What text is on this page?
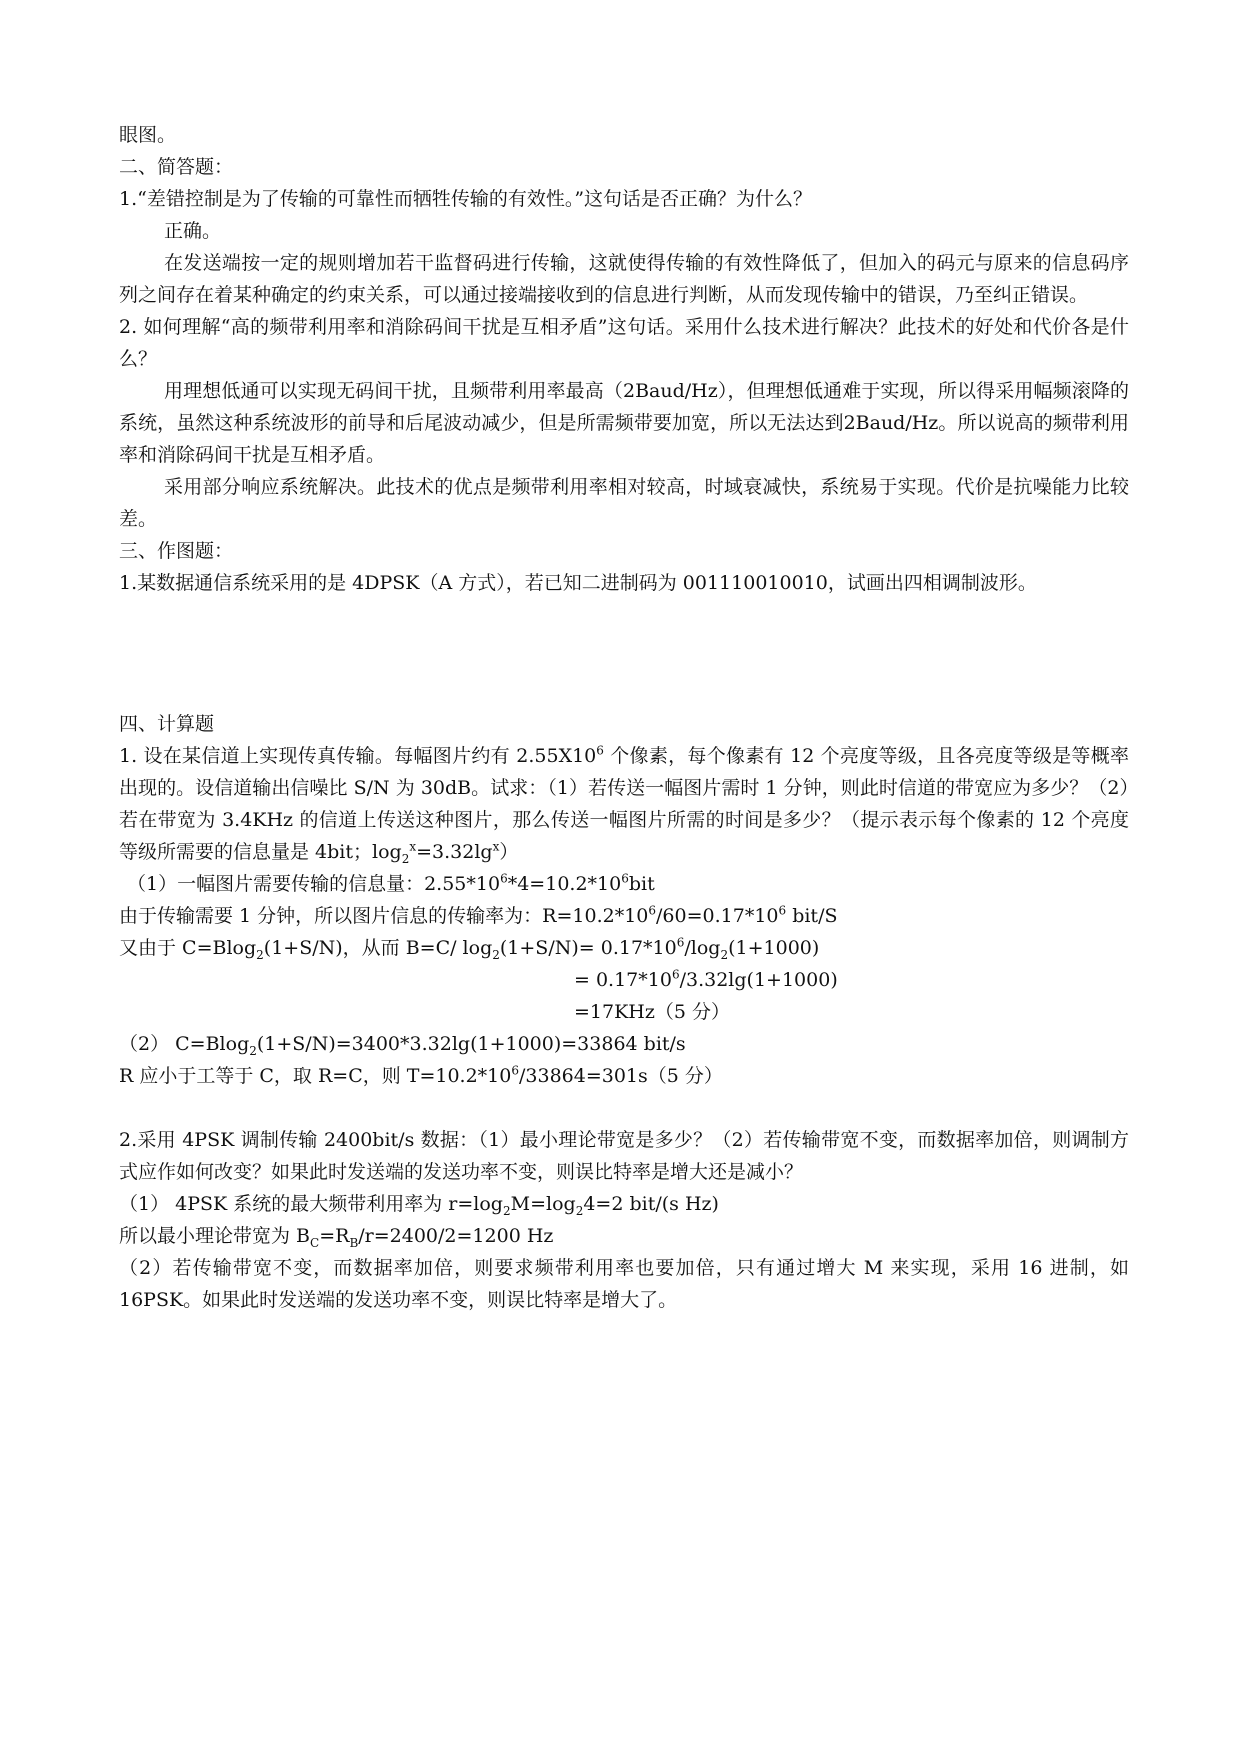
眼图。

二、简答题：

1.“差错控制是为了传输的可靠性而牺牲传输的有效性。”这句话是否正确？为什么？

正确。

在发送端按一定的规则增加若干监督码进行传输，这就使得传输的有效性降低了，但加入的码元与原来的信息码序列之间存在着某种确定的约束关系，可以通过接端接收到的信息进行判断，从而发现传输中的错误，乃至纠正错误。

2. 如何理解“高的频带利用率和消除码间干扰是互相矛盾”这句话。采用什么技术进行解决？此技术的好处和代价各是什么？

用理想低通可以实现无码间干扰，且频带利用率最高（2Baud/Hz），但理想低通难于实现，所以得采用幅频滚降的系统，虽然这种系统波形的前导和后尾波动减少，但是所需频带要加宽，所以无法达到2Baud/Hz。所以说高的频带利用率和消除码间干扰是互相矛盾。

采用部分响应系统解决。此技术的优点是频带利用率相对较高，时域衰减快，系统易于实现。代价是抗噪能力比较差。

三、作图题：

1.某数据通信系统采用的是 4DPSK（A 方式），若已知二进制码为 001110010010，试画出四相调制波形。

四、计算题

1. 设在某信道上实现传真传输。每幅图片约有 $2.55X10^6$ 个像素，每个像素有 12 个亮度等级，且各亮度等级是等概率出现的。设信道输出信噪比 S/N 为 30dB。试求：（1）若传送一幅图片需时 1 分钟，则此时信道的带宽应为多少？（2）若在带宽为 3.4KHz 的信道上传送这种图片，那么传送一幅图片所需的时间是多少？（提示表示每个像素的 12 个亮度等级所需要的信息量是 4bit；$\log_2^x=3.32\lg^x$）

（1）一幅图片需要传输的信息量：$2.55*10^6*4=10.2*10^6bit$

由于传输需要 1 分钟，所以图片信息的传输率为：$R=10.2*10^6/60=0.17*10^6$ bit/S

又由于 C=Blog$_2$(1+S/N)，从而 B=C/ $\log_2(1+S/N)= 0.17*10^6/\log_2(1+1000)$

= $0.17*10^6/3.32\lg(1+1000)$

=17KHz（5 分）

（2） C=Blog$_2$(1+S/N)=3400*3.32lg(1+1000)=33864 bit/s

R 应小于工等于 C，取 R=C，则 $T=10.2*10^6/33864=301s(5$ 分）

2.采用 4PSK 调制传输 2400bit/s 数据：（1）最小理论带宽是多少？（2）若传输带宽不变，而数据率加倍，则调制方式应作如何改变？如果此时发送端的发送功率不变，则误比特率是增大还是减小？

（1） 4PSK 系统的最大频带利用率为 $r=\log_2M=\log_24=2$ bit/(s Hz)

所以最小理论带宽为 $B_C=R_B/r=2400/2=1200$ Hz

（2）若传输带宽不变，而数据率加倍，则要求频带利用率也要加倍，只有通过增大 M 来实现，采用 16 进制，如 16PSK。如果此时发送端的发送功率不变，则误比特率是增大了。
